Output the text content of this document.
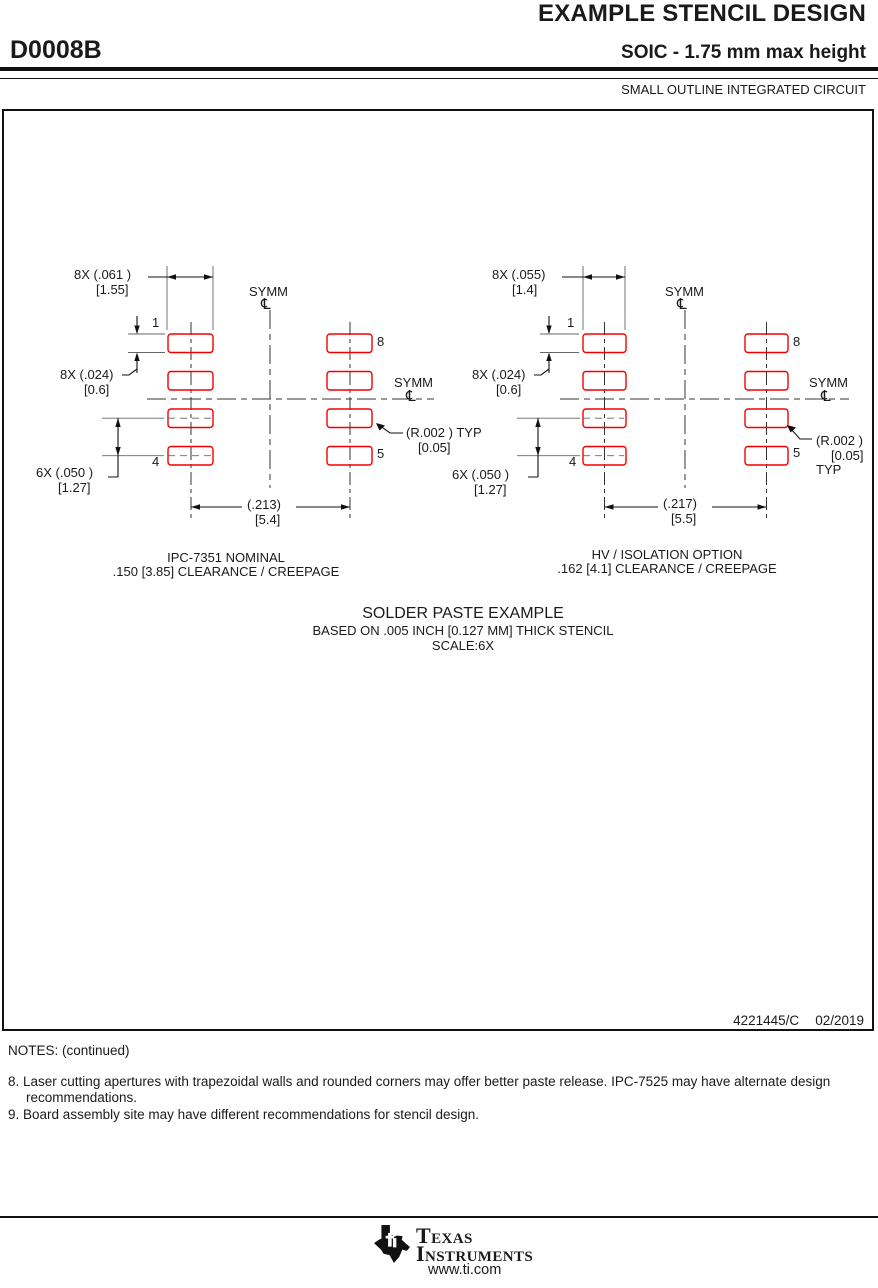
EXAMPLE STENCIL DESIGN
D0008B	SOIC - 1.75 mm max height
SMALL OUTLINE INTEGRATED CIRCUIT
8X (.061 )
[1.55]	SYMM
℄
1
8X (.024)
[0.6]	SYMM
℄
(R.002 ) TYP
[0.05]
6X (.050 )
[1.27]
4
(.213)
[5.4]
8
5
IPC-7351 NOMINAL
.150 [3.85] CLEARANCE / CREEPAGE
8X (.055)
[1.4]	SYMM
℄
1
8X (.024)
[0.6]	SYMM
℄
(R.002 )
[0.05]
TYP
6X (.050 )
[1.27]
4
(.217)
[5.5]
8
5
HV / ISOLATION OPTION
.162 [4.1] CLEARANCE / CREEPAGE
SOLDER PASTE EXAMPLE
BASED ON .005 INCH [0.127 MM] THICK STENCIL
SCALE:6X
4221445/C 02/2019
NOTES: (continued)
8. Laser cutting apertures with trapezoidal walls and rounded corners may offer better paste release. IPC-7525 may have alternate design recommendations.
9. Board assembly site may have different recommendations for stencil design.
Texas
Instruments
www.ti.com
